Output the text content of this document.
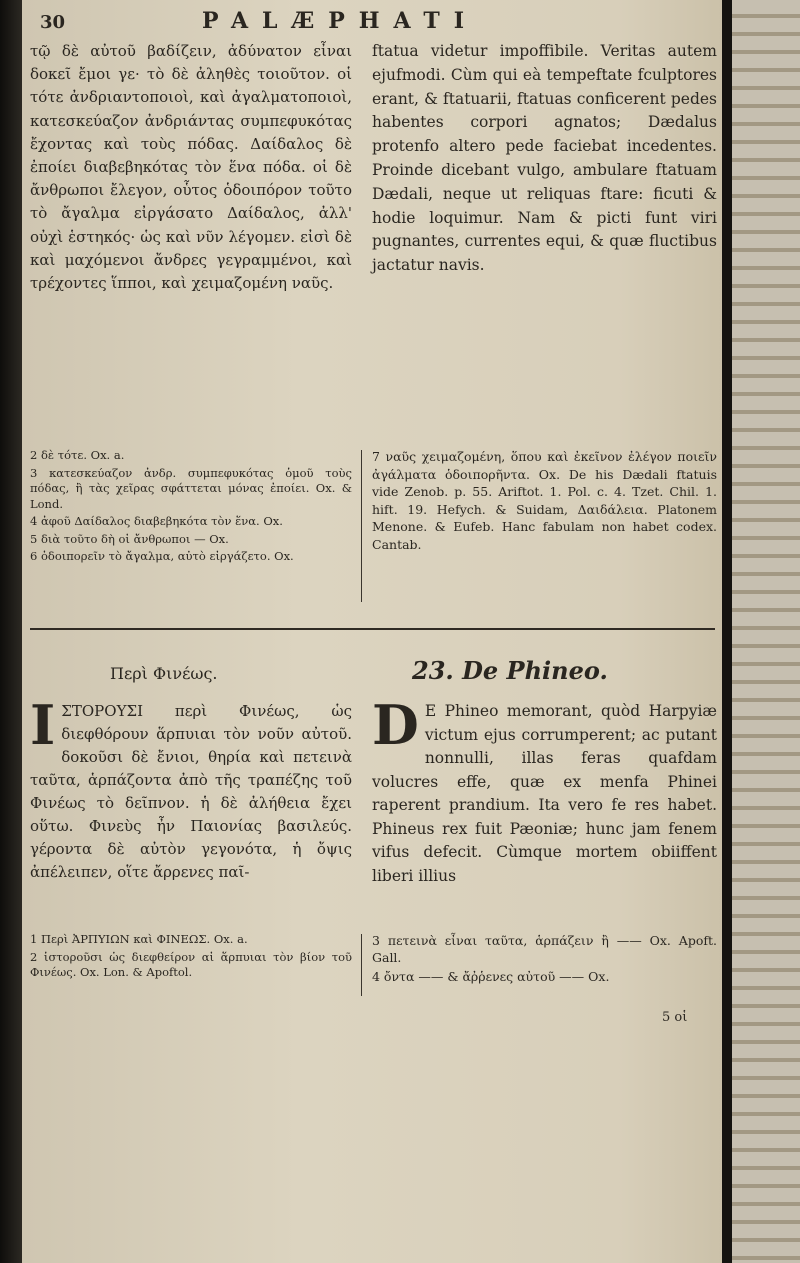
30	PALÆPHATI

τῷ δὲ αὐτοῦ βαδίζειν, ἀδύνατον εἶναι δοκεῖ ἔμοι γε· τὸ δὲ ἀληθὲς τοιοῦτον. οἱ τότε ἀνδριαντοποιοὶ, καὶ ἀγαλματοποιοὶ, κατεσκεύαζον ἀνδριάντας συμπεφυκότας ἔχοντας καὶ τοὺς πόδας. Δαίδαλος δὲ ἐποίει διαβεβηκότας τὸν ἕνα πόδα. οἱ δὲ ἄνθρωποι ἔλεγον, οὗτος ὁδοιπόρον τοῦτο τὸ ἄγαλμα εἰργάσατο Δαίδαλος, ἀλλ' οὐχὶ ἑστηκός· ὡς καὶ νῦν λέγομεν. εἰσὶ δὲ καὶ μαχόμενοι ἄνδρες γεγραμμένοι, καὶ τρέχοντες ἵπποι, καὶ χειμαζομένη ναῦς.

ftatua videtur impoffibile. Veritas autem ejufmodi. Cùm qui eà tempeftate fculptores erant, & ftatuarii, ftatuas conficerent pedes habentes corpori agnatos; Dædalus protenfo altero pede faciebat incedentes. Proinde dicebant vulgo, ambulare ftatuam Dædali, neque ut reliquas ftare: ficuti & hodie loquimur. Nam & picti funt viri pugnantes, currentes equi, & quæ fluctibus jactatur navis.

2 δὲ τότε. Ox. a.

3 κατεσκεύαζον ἀνδρ. συμπεφυκότας ὁμοῦ τοὺς πόδας, ἢ τὰς χεῖρας σφάττεται μόνας ἐποίει. Ox. & Lond.

4 ἀφοῦ Δαίδαλος διαβεβηκότα τὸν ἕνα. Ox.

5 διὰ τοῦτο δὴ οἱ ἄνθρωποι — Ox.

6 ὁδοιπορεῖν τὸ ἄγαλμα, αὐτὸ εἰργάζετο. Ox.

7 ναῦς χειμαζομένη, ὅπου καὶ ἐκεῖνον ἐλέγον ποιεῖν ἀγάλματα ὁδοιπορῆντα. Ox. De his Dædali ftatuis vide Zenob. p. 55. Ariftot. 1. Pol. c. 4. Tzet. Chil. 1. hift. 19. Hefych. & Suidam, Δαιδάλεια. Platonem Menone. & Eufeb. Hanc fabulam non habet codex. Cantab.

Περὶ Φινέως.	23. De Phineo.
Ι ΣΤΟΡΟΥΣΙ περὶ Φινέως, ὡς διεφθόρουν ἅρπυιαι τὸν νοῦν αὐτοῦ. δοκοῦσι δὲ ἔνιοι, θηρία καὶ πετεινὰ ταῦτα, ἁρπάζοντα ἀπὸ τῆς τραπέζης τοῦ Φινέως τὸ δεῖπνον. ἡ δὲ ἀλήθεια ἔχει οὕτω. Φινεὺς ἦν Παιονίας βασιλεύς. γέροντα δὲ αὐτὸν γεγονότα, ἡ ὄψις ἀπέλειπεν, οἵτε ἄρρενες παῖ-

D E Phineo memorant, quòd Harpyiæ victum ejus corrumperent; ac putant nonnulli, illas feras quafdam volucres effe, quæ ex menfa Phinei raperent prandium. Ita vero fe res habet. Phineus rex fuit Pæoniæ; hunc jam fenem vifus defecit. Cùmque mortem obiiffent liberi illius

1 Περὶ ἈΡΠΥΙΩΝ καὶ ΦΙΝΕΩΣ. Ox. a.

2 ἱστοροῦσι ὡς διεφθείρον αἱ ἅρπυιαι τὸν βίον τοῦ Φινέως. Ox. Lon. & Apoftol.

3 πετεινὰ εἶναι ταῦτα, ἁρπάζειν ἢ —— Ox. Apoft. Gall.

4 ὄντα —— & ἄῤῥενες αὐτοῦ —— Ox.

5 οἱ
